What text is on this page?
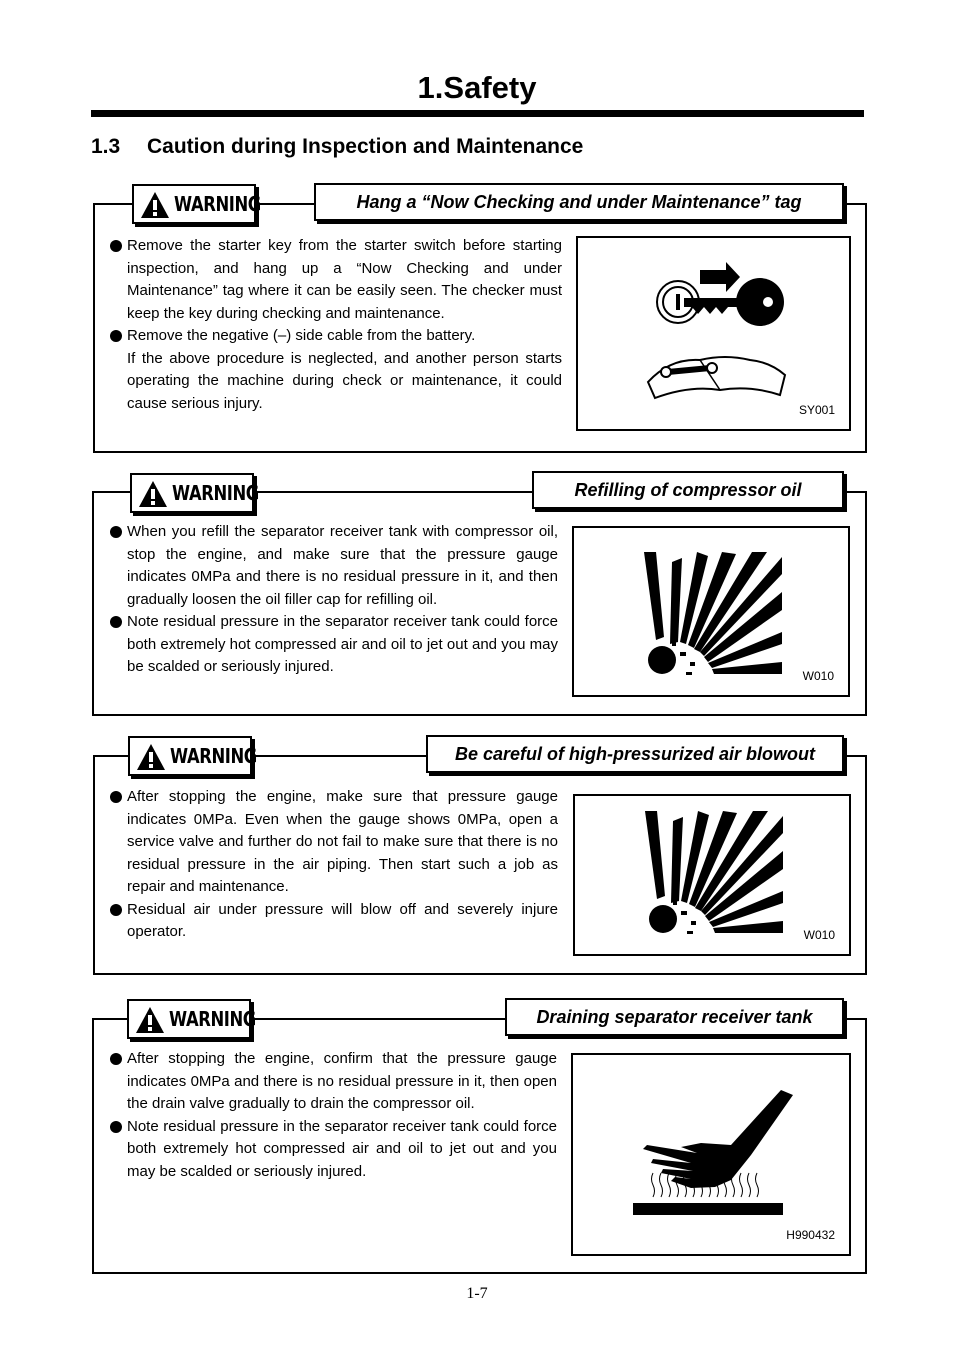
1.Safety
1.3 Caution during Inspection and Maintenance
WARNING	Hang a “Now Checking and under Maintenance” tag
Remove the starter key from the starter switch before starting inspection, and hang up a “Now Checking and under Maintenance” tag where it can be easily seen. The checker must keep the key during checking and maintenance.
Remove the negative (–) side cable from the battery.
If the above procedure is neglected, and another person starts operating the machine during check or maintenance, it could cause serious injury.	SY001
WARNING	Refilling of compressor oil
When you refill the separator receiver tank with compressor oil, stop the engine, and make sure that the pressure gauge indicates 0MPa and there is no residual pressure in it, and then gradually loosen the oil filler cap for refilling oil.
Note residual pressure in the separator receiver tank could force both extremely hot compressed air and oil to jet out and you may be scalded or seriously injured.
W010
WARNING	Be careful of high-pressurized air blowout
After stopping the engine, make sure that pressure gauge indicates 0MPa. Even when the gauge shows 0MPa, open a service valve and further do not fail to make sure that there is no residual pressure in the air piping. Then start such a job as repair and maintenance.
Residual air under pressure will blow off and severely injure operator.	W010
WARNING	Draining separator receiver tank
After stopping the engine, confirm that the pressure gauge indicates 0MPa and there is no residual pressure in it, then open the drain valve gradually to drain the compressor oil.
Note residual pressure in the separator receiver tank could force both extremely hot compressed air and oil to jet out and you may be scalded or seriously injured.
H990432
1-7
